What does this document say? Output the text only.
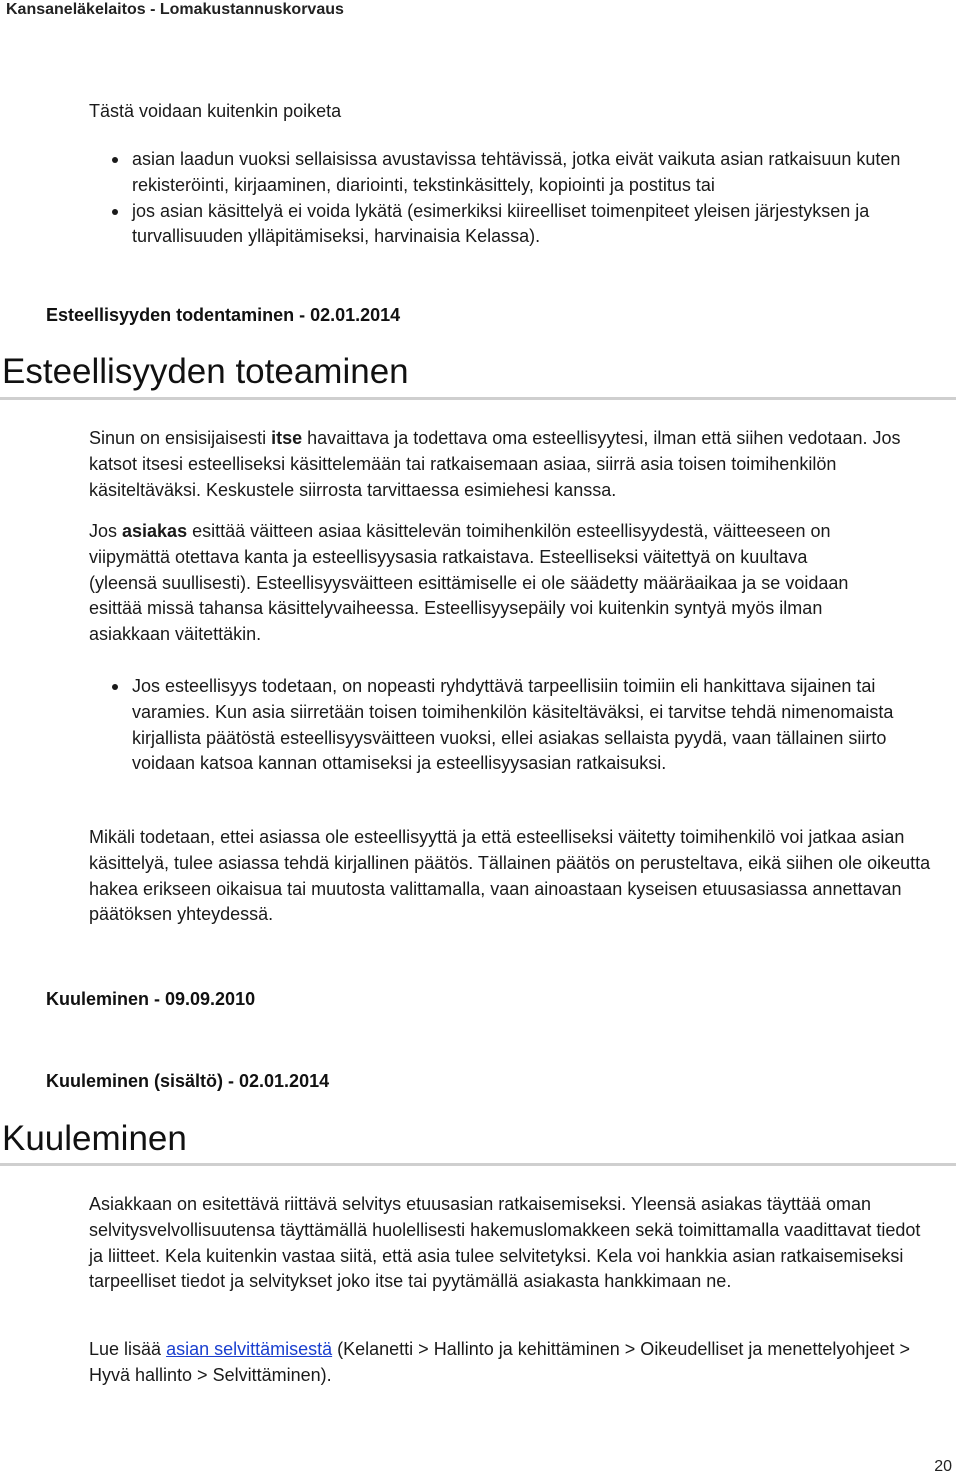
Kansaneläkelaitos - Lomakustannuskorvaus

Tästä voidaan kuitenkin poiketa

asian laadun vuoksi sellaisissa avustavissa tehtävissä, jotka eivät vaikuta asian ratkaisuun kuten rekisteröinti, kirjaaminen, diariointi, tekstinkäsittely, kopiointi ja postitus tai
jos asian käsittelyä ei voida lykätä (esimerkiksi kiireelliset toimenpiteet yleisen järjestyksen ja turvallisuuden ylläpitämiseksi, harvinaisia Kelassa).
Esteellisyyden todentaminen - 02.01.2014
Esteellisyyden toteaminen

Sinun on ensisijaisesti itse havaittava ja todettava oma esteellisyytesi, ilman että siihen vedotaan. Jos katsot itsesi esteelliseksi käsittelemään tai ratkaisemaan asiaa, siirrä asia toisen toimihenkilön käsiteltäväksi. Keskustele siirrosta tarvittaessa esimiehesi kanssa.

Jos asiakas esittää väitteen asiaa käsittelevän toimihenkilön esteellisyydestä, väitteeseen on viipymättä otettava kanta ja esteellisyysasia ratkaistava. Esteelliseksi väitettyä on kuultava (yleensä suullisesti). Esteellisyysväitteen esittämiselle ei ole säädetty määräaikaa ja se voidaan esittää missä tahansa käsittelyvaiheessa. Esteellisyysepäily voi kuitenkin syntyä myös ilman asiakkaan väitettäkin.

Jos esteellisyys todetaan, on nopeasti ryhdyttävä tarpeellisiin toimiin eli hankittava sijainen tai varamies. Kun asia siirretään toisen toimihenkilön käsiteltäväksi, ei tarvitse tehdä nimenomaista kirjallista päätöstä esteellisyysväitteen vuoksi, ellei asiakas sellaista pyydä, vaan tällainen siirto voidaan katsoa kannan ottamiseksi ja esteellisyysasian ratkaisuksi.

Mikäli todetaan, ettei asiassa ole esteellisyyttä ja että esteelliseksi väitetty toimihenkilö voi jatkaa asian käsittelyä, tulee asiassa tehdä kirjallinen päätös. Tällainen päätös on perusteltava, eikä siihen ole oikeutta hakea erikseen oikaisua tai muutosta valittamalla, vaan ainoastaan kyseisen etuusasiassa annettavan päätöksen yhteydessä.

Kuuleminen - 09.09.2010
Kuuleminen (sisältö) - 02.01.2014
Kuuleminen

Asiakkaan on esitettävä riittävä selvitys etuusasian ratkaisemiseksi. Yleensä asiakas täyttää oman selvitysvelvollisuutensa täyttämällä huolellisesti hakemuslomakkeen sekä toimittamalla vaadittavat tiedot ja liitteet. Kela kuitenkin vastaa siitä, että asia tulee selvitetyksi. Kela voi hankkia asian ratkaisemiseksi tarpeelliset tiedot ja selvitykset joko itse tai pyytämällä asiakasta hankkimaan ne.

Lue lisää asian selvittämisestä (Kelanetti > Hallinto ja kehittäminen > Oikeudelliset ja menettelyohjeet > Hyvä hallinto > Selvittäminen).

20
